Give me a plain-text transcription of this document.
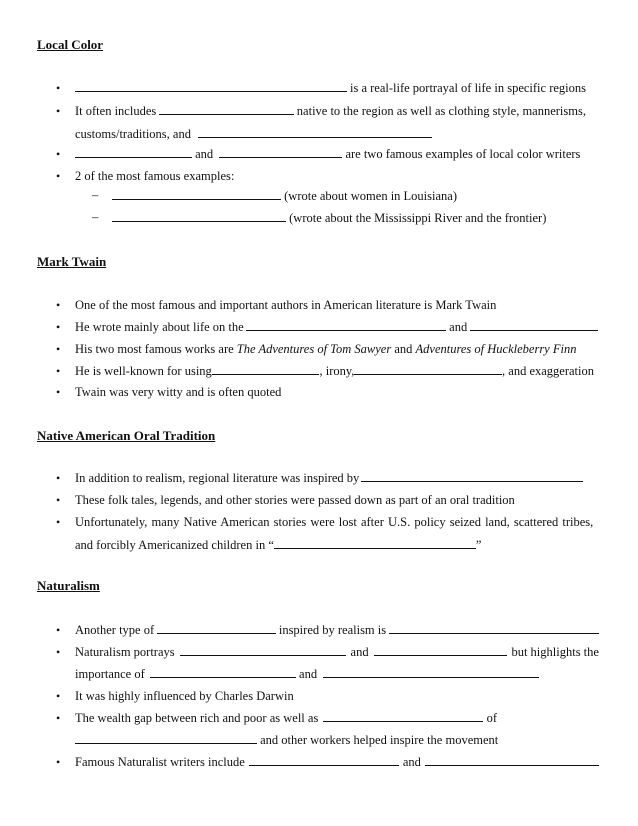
Local Color
•	is a real-life portrayal of life in specific regions
• It often includes	native to the region as well as clothing style, mannerisms,
customs/traditions, and
•	and	are two famous examples of local color writers
• 2 of the most famous examples:
–	(wrote about women in Louisiana)
–	(wrote about the Mississippi River and the frontier)
Mark Twain
• One of the most famous and important authors in American literature is Mark Twain
• He wrote mainly about life on the	and
• His two most famous works are The Adventures of Tom Sawyer and Adventures of Huckleberry Finn
• He is well-known for using	, irony,	, and exaggeration
• Twain was very witty and is often quoted
Native American Oral Tradition
• In addition to realism, regional literature was inspired by
• These folk tales, legends, and other stories were passed down as part of an oral tradition
• Unfortunately, many Native American stories were lost after U.S. policy seized land, scattered tribes,
and forcibly Americanized children in “	”
Naturalism
• Another type of	inspired by realism is
• Naturalism portrays	and	but highlights the
importance of	and
• It was highly influenced by Charles Darwin
• The wealth gap between rich and poor as well as	of
and other workers helped inspire the movement
• Famous Naturalist writers include	and
